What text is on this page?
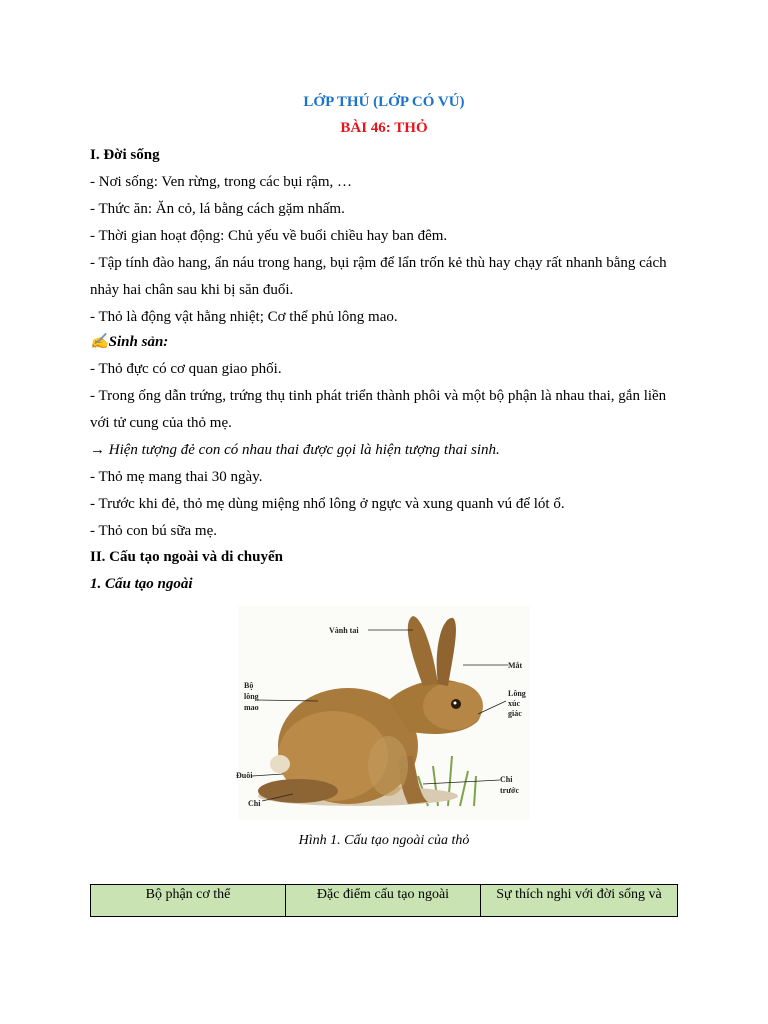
LỚP THÚ (LỚP CÓ VÚ)
BÀI 46: THỎ
I. Đời sống
- Nơi sống: Ven rừng, trong các bụi rậm, …
- Thức ăn: Ăn cỏ, lá bằng cách gặm nhấm.
- Thời gian hoạt động: Chủ yếu về buổi chiều hay ban đêm.
- Tập tính đào hang, ẩn náu trong hang, bụi rậm để lẩn trốn kẻ thù hay chạy rất nhanh bằng cách nhảy hai chân sau khi bị săn đuổi.
- Thỏ là động vật hằng nhiệt; Cơ thể phủ lông mao.
✍Sinh sản:
- Thỏ đực có cơ quan giao phối.
- Trong ống dẫn trứng, trứng thụ tinh phát triển thành phôi và một bộ phận là nhau thai, gắn liền với tử cung của thỏ mẹ.
→ Hiện tượng đẻ con có nhau thai được gọi là hiện tượng thai sinh.
- Thỏ mẹ mang thai 30 ngày.
- Trước khi đẻ, thỏ mẹ dùng miệng nhổ lông ở ngực và xung quanh vú để lót ổ.
- Thỏ con bú sữa mẹ.
II. Cấu tạo ngoài và di chuyển
1. Cấu tạo ngoài
Vành tai
Mắt
Bộ
lông
mao
Lông
xúc
giác
Đuôi
Chi
Chi
trước
Hình 1. Cấu tạo ngoài của thỏ
Bộ phận cơ thể	Đặc điểm cấu tạo ngoài	Sự thích nghi với đời sống và
